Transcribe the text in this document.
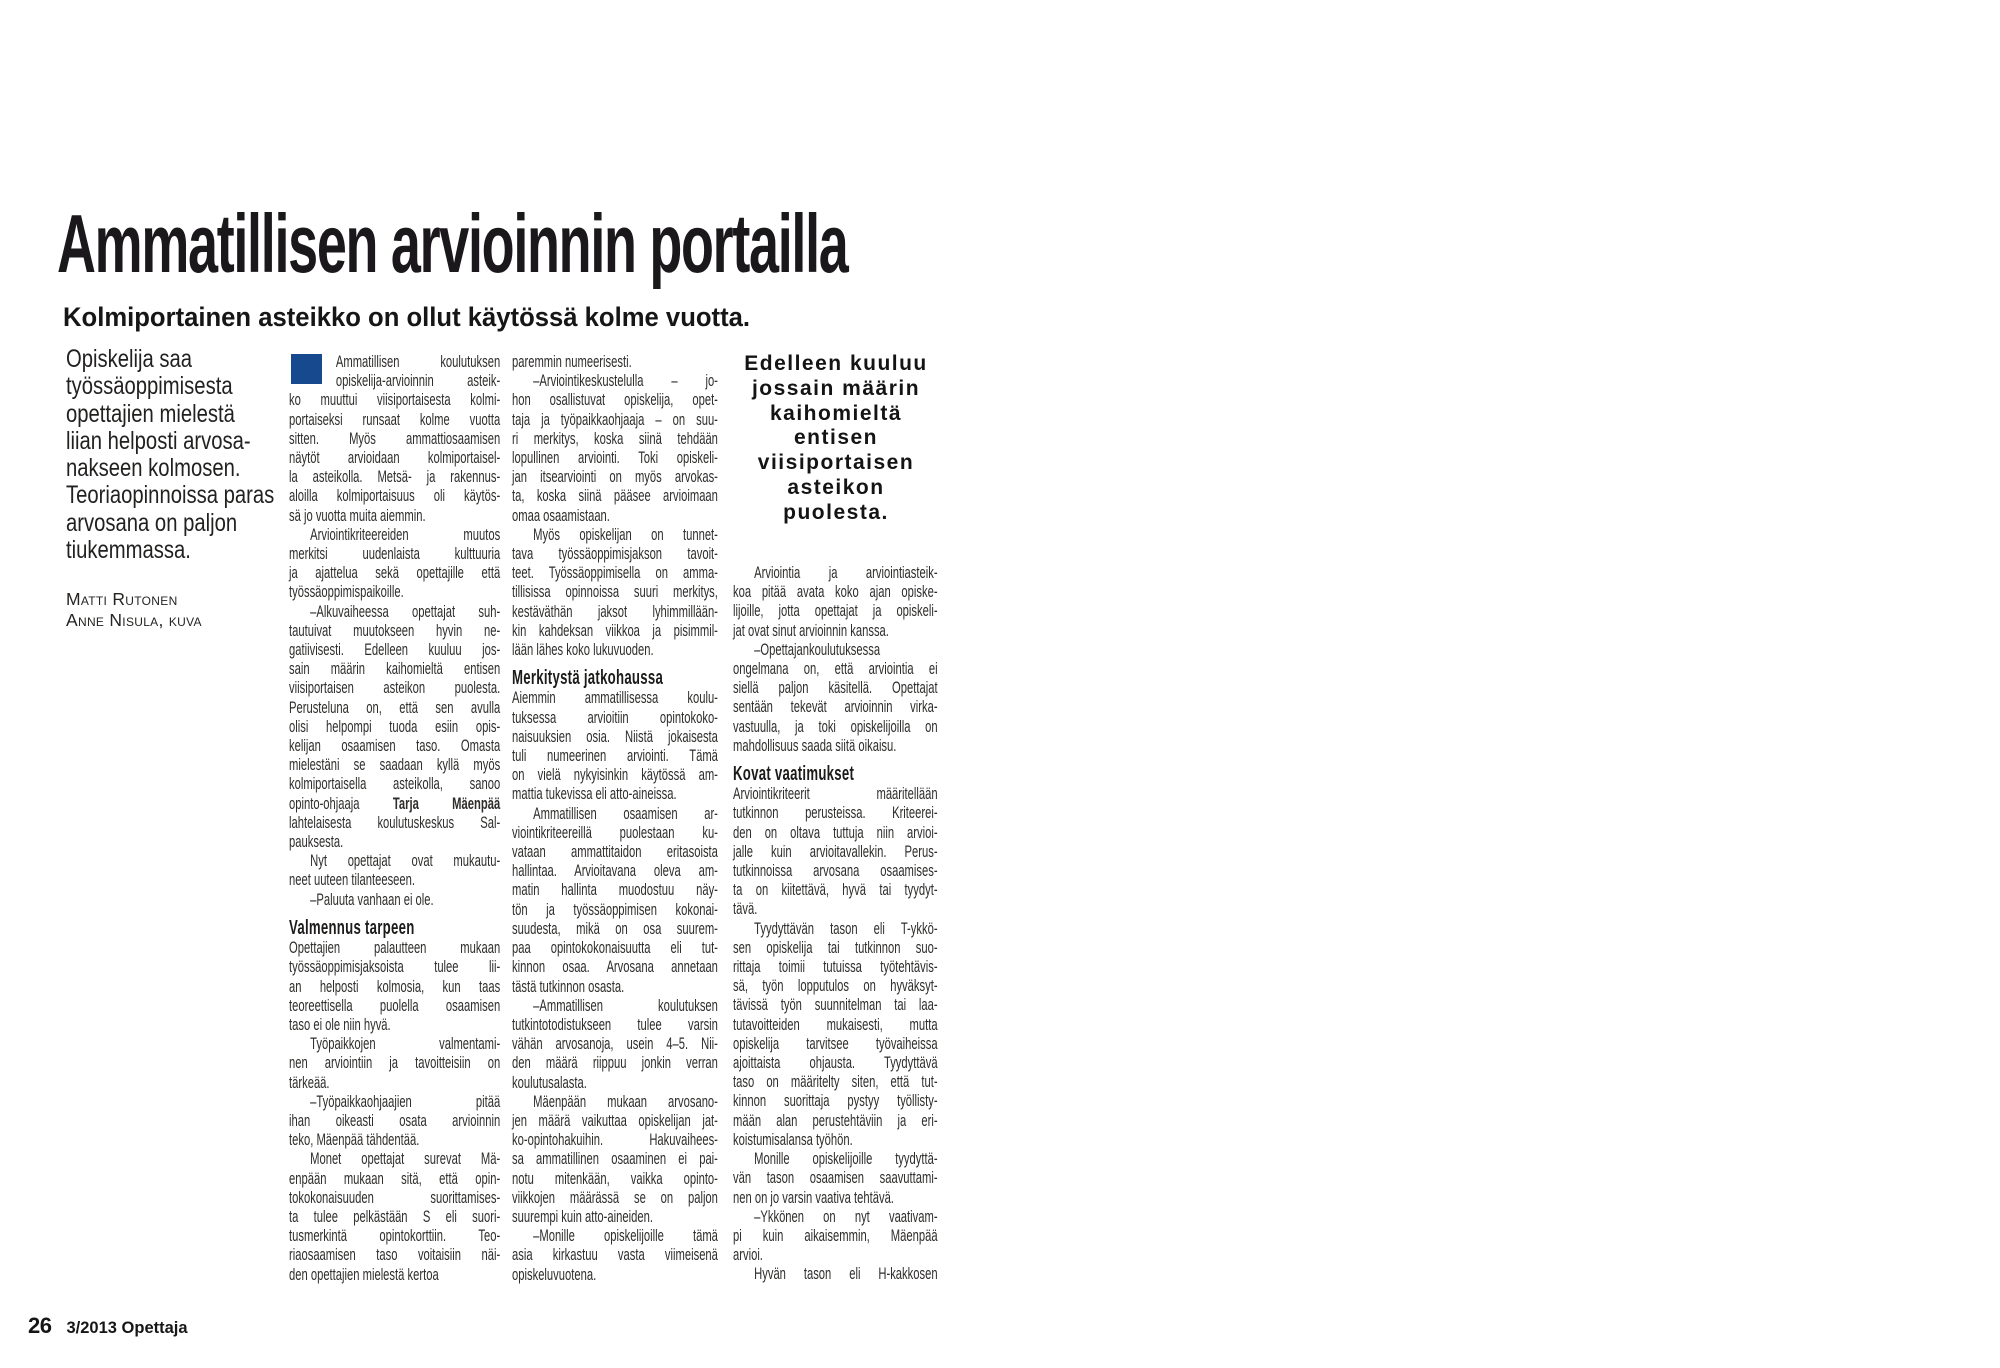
Ammatillisen arvioinnin portailla
Kolmiportainen asteikko on ollut käytössä kolme vuotta.
Opiskelija saa
työssäoppimisesta
opettajien mielestä
liian helposti arvosa-
nakseen kolmosen.
Teoriaopinnoissa paras
arvosana on paljon
tiukemmassa.
Matti Rutonen
Anne Nisula, kuva
Ammatillisen koulutuksen
opiskelija-arvioinnin asteik-
ko muuttui viisiportaisesta kolmi-
portaiseksi runsaat kolme vuotta
sitten. Myös ammattiosaamisen
näytöt arvioidaan kolmiportaisel-
la asteikolla. Metsä- ja rakennus-
aloilla kolmiportaisuus oli käytös-
sä jo vuotta muita aiemmin.
Arviointikriteereiden muutos
merkitsi uudenlaista kulttuuria
ja ajattelua sekä opettajille että
työssäoppimispaikoille.
–Alkuvaiheessa opettajat suh-
tautuivat muutokseen hyvin ne-
gatiivisesti. Edelleen kuuluu jos-
sain määrin kaihomieltä entisen
viisiportaisen asteikon puolesta.
Perusteluna on, että sen avulla
olisi helpompi tuoda esiin opis-
kelijan osaamisen taso. Omasta
mielestäni se saadaan kyllä myös
kolmiportaisella asteikolla, sanoo
opinto-ohjaaja Tarja Mäenpää
lahtelaisesta koulutuskeskus Sal-
pauksesta.
Nyt opettajat ovat mukautu-
neet uuteen tilanteeseen.
–Paluuta vanhaan ei ole.
Valmennus tarpeen
Opettajien palautteen mukaan
työssäoppimisjaksoista tulee lii-
an helposti kolmosia, kun taas
teoreettisella puolella osaamisen
taso ei ole niin hyvä.
Työpaikkojen valmentami-
nen arviointiin ja tavoitteisiin on
tärkeää.
–Työpaikkaohjaajien pitää
ihan oikeasti osata arvioinnin
teko, Mäenpää tähdentää.
Monet opettajat surevat Mä-
enpään mukaan sitä, että opin-
tokokonaisuuden suorittamises-
ta tulee pelkästään S eli suori-
tusmerkintä opintokorttiin. Teo-
riaosaamisen taso voitaisiin näi-
den opettajien mielestä kertoa
paremmin numeerisesti.
–Arviointikeskustelulla – jo-
hon osallistuvat opiskelija, opet-
taja ja työpaikkaohjaaja – on suu-
ri merkitys, koska siinä tehdään
lopullinen arviointi. Toki opiskeli-
jan itsearviointi on myös arvokas-
ta, koska siinä pääsee arvioimaan
omaa osaamistaan.
Myös opiskelijan on tunnet-
tava työssäoppimisjakson tavoit-
teet. Työssäoppimisella on amma-
tillisissa opinnoissa suuri merkitys,
kestäväthän jaksot lyhimmillään-
kin kahdeksan viikkoa ja pisimmil-
lään lähes koko lukuvuoden.
Merkitystä jatkohaussa
Aiemmin ammatillisessa koulu-
tuksessa arvioitiin opintokoko-
naisuuksien osia. Niistä jokaisesta
tuli numeerinen arviointi. Tämä
on vielä nykyisinkin käytössä am-
mattia tukevissa eli atto-aineissa.
Ammatillisen osaamisen ar-
viointikriteereillä puolestaan ku-
vataan ammattitaidon eritasoista
hallintaa. Arvioitavana oleva am-
matin hallinta muodostuu näy-
tön ja työssäoppimisen kokonai-
suudesta, mikä on osa suurem-
paa opintokokonaisuutta eli tut-
kinnon osaa. Arvosana annetaan
tästä tutkinnon osasta.
–Ammatillisen koulutuksen
tutkintotodistukseen tulee varsin
vähän arvosanoja, usein 4–5. Nii-
den määrä riippuu jonkin verran
koulutusalasta.
Mäenpään mukaan arvosano-
jen määrä vaikuttaa opiskelijan jat-
ko-opintohakuihin. Hakuvaihees-
sa ammatillinen osaaminen ei pai-
notu mitenkään, vaikka opinto-
viikkojen määrässä se on paljon
suurempi kuin atto-aineiden.
–Monille opiskelijoille tämä
asia kirkastuu vasta viimeisenä
opiskeluvuotena.
Edelleen kuuluu
jossain määrin
kaihomieltä
entisen
viisiportaisen
asteikon
puolesta.
Arviointia ja arviointiasteik-
koa pitää avata koko ajan opiske-
lijoille, jotta opettajat ja opiskeli-
jat ovat sinut arvioinnin kanssa.
–Opettajankoulutuksessa
ongelmana on, että arviointia ei
siellä paljon käsitellä. Opettajat
sentään tekevät arvioinnin virka-
vastuulla, ja toki opiskelijoilla on
mahdollisuus saada siitä oikaisu.
Kovat vaatimukset
Arviointikriteerit määritellään
tutkinnon perusteissa. Kriteerei-
den on oltava tuttuja niin arvioi-
jalle kuin arvioitavallekin. Perus-
tutkinnoissa arvosana osaamises-
ta on kiitettävä, hyvä tai tyydyt-
tävä.
Tyydyttävän tason eli T-ykkö-
sen opiskelija tai tutkinnon suo-
rittaja toimii tutuissa työtehtävis-
sä, työn lopputulos on hyväksyt-
tävissä työn suunnitelman tai laa-
tutavoitteiden mukaisesti, mutta
opiskelija tarvitsee työvaiheissa
ajoittaista ohjausta. Tyydyttävä
taso on määritelty siten, että tut-
kinnon suorittaja pystyy työllisty-
mään alan perustehtäviin ja eri-
koistumisalansa työhön.
Monille opiskelijoille tyydyttä-
vän tason osaamisen saavuttami-
nen on jo varsin vaativa tehtävä.
–Ykkönen on nyt vaativam-
pi kuin aikaisemmin, Mäenpää
arvioi.
Hyvän tason eli H-kakkosen
26 3/2013 Opettaja
